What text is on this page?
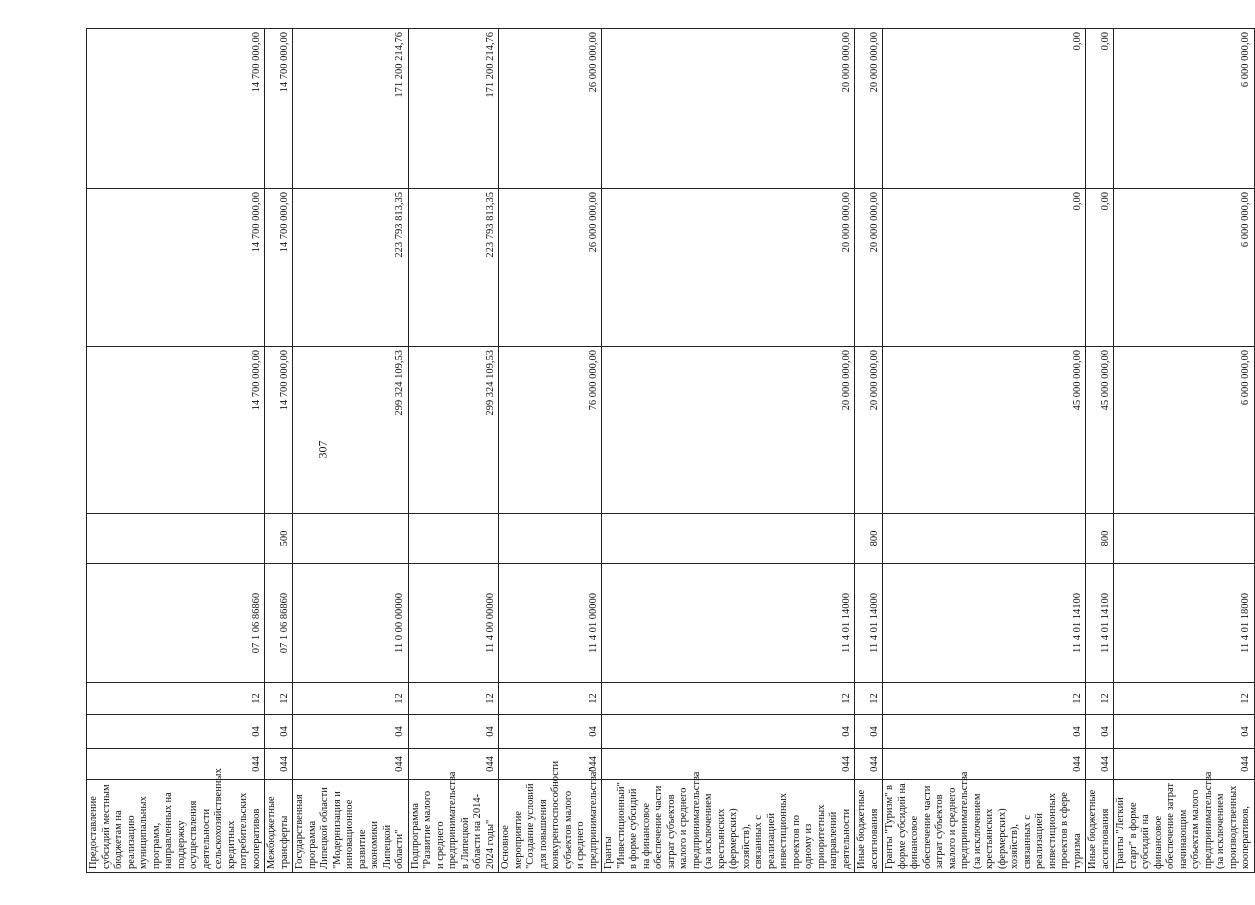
307
Предоставление субсидий местным бюджетам на реализацию муниципальных программ, направленных на поддержку осуществления деятельности сельскохозяйственных кредитных потребительских кооперативов	044	04	12	07 1 06 86860		14 700 000,00	14 700 000,00	14 700 000,00
Межбюджетные трансферты	044	04	12	07 1 06 86860	500	14 700 000,00	14 700 000,00	14 700 000,00
Государственная программа Липецкой области "Модернизация и инновационное развитие экономики Липецкой области"	044	04	12	11 0 00 00000		299 324 109,53	223 793 813,35	171 200 214,76
Подпрограмма "Развитие малого и среднего предпринимательства в Липецкой области на 2014-2024 годы"	044	04	12	11 4 00 00000		299 324 109,53	223 793 813,35	171 200 214,76
Основное мероприятие "Создание условий для повышения конкурентоспособности субъектов малого и среднего предпринимательства"	044	04	12	11 4 01 00000		76 000 000,00	26 000 000,00	26 000 000,00
Гранты "Инвестиционный" в форме субсидий на финансовое обеспечение части затрат субъектов малого и среднего предпринимательства (за исключением крестьянских (фермерских) хозяйств), связанных с реализацией инвестиционных проектов по одному из приоритетных направлений деятельности	044	04	12	11 4 01 14000		20 000 000,00	20 000 000,00	20 000 000,00
Иные бюджетные ассигнования	044	04	12	11 4 01 14000	800	20 000 000,00	20 000 000,00	20 000 000,00
Гранты "Туризм" в форме субсидий на финансовое обеспечение части затрат субъектов малого и среднего предпринимательства (за исключением крестьянских (фермерских) хозяйств), связанных с реализацией инвестиционных проектов в сфере туризма	044	04	12	11 4 01 14100		45 000 000,00	0,00	0,00
Иные бюджетные ассигнования	044	04	12	11 4 01 14100	800	45 000 000,00	0,00	0,00
Гранты "Легкий старт" в форме субсидий на финансовое обеспечение затрат начинающим субъектам малого предпринимательства (за исключением производственных кооперативов,	044	04	12	11 4 01 18000		6 000 000,00	6 000 000,00	6 000 000,00
